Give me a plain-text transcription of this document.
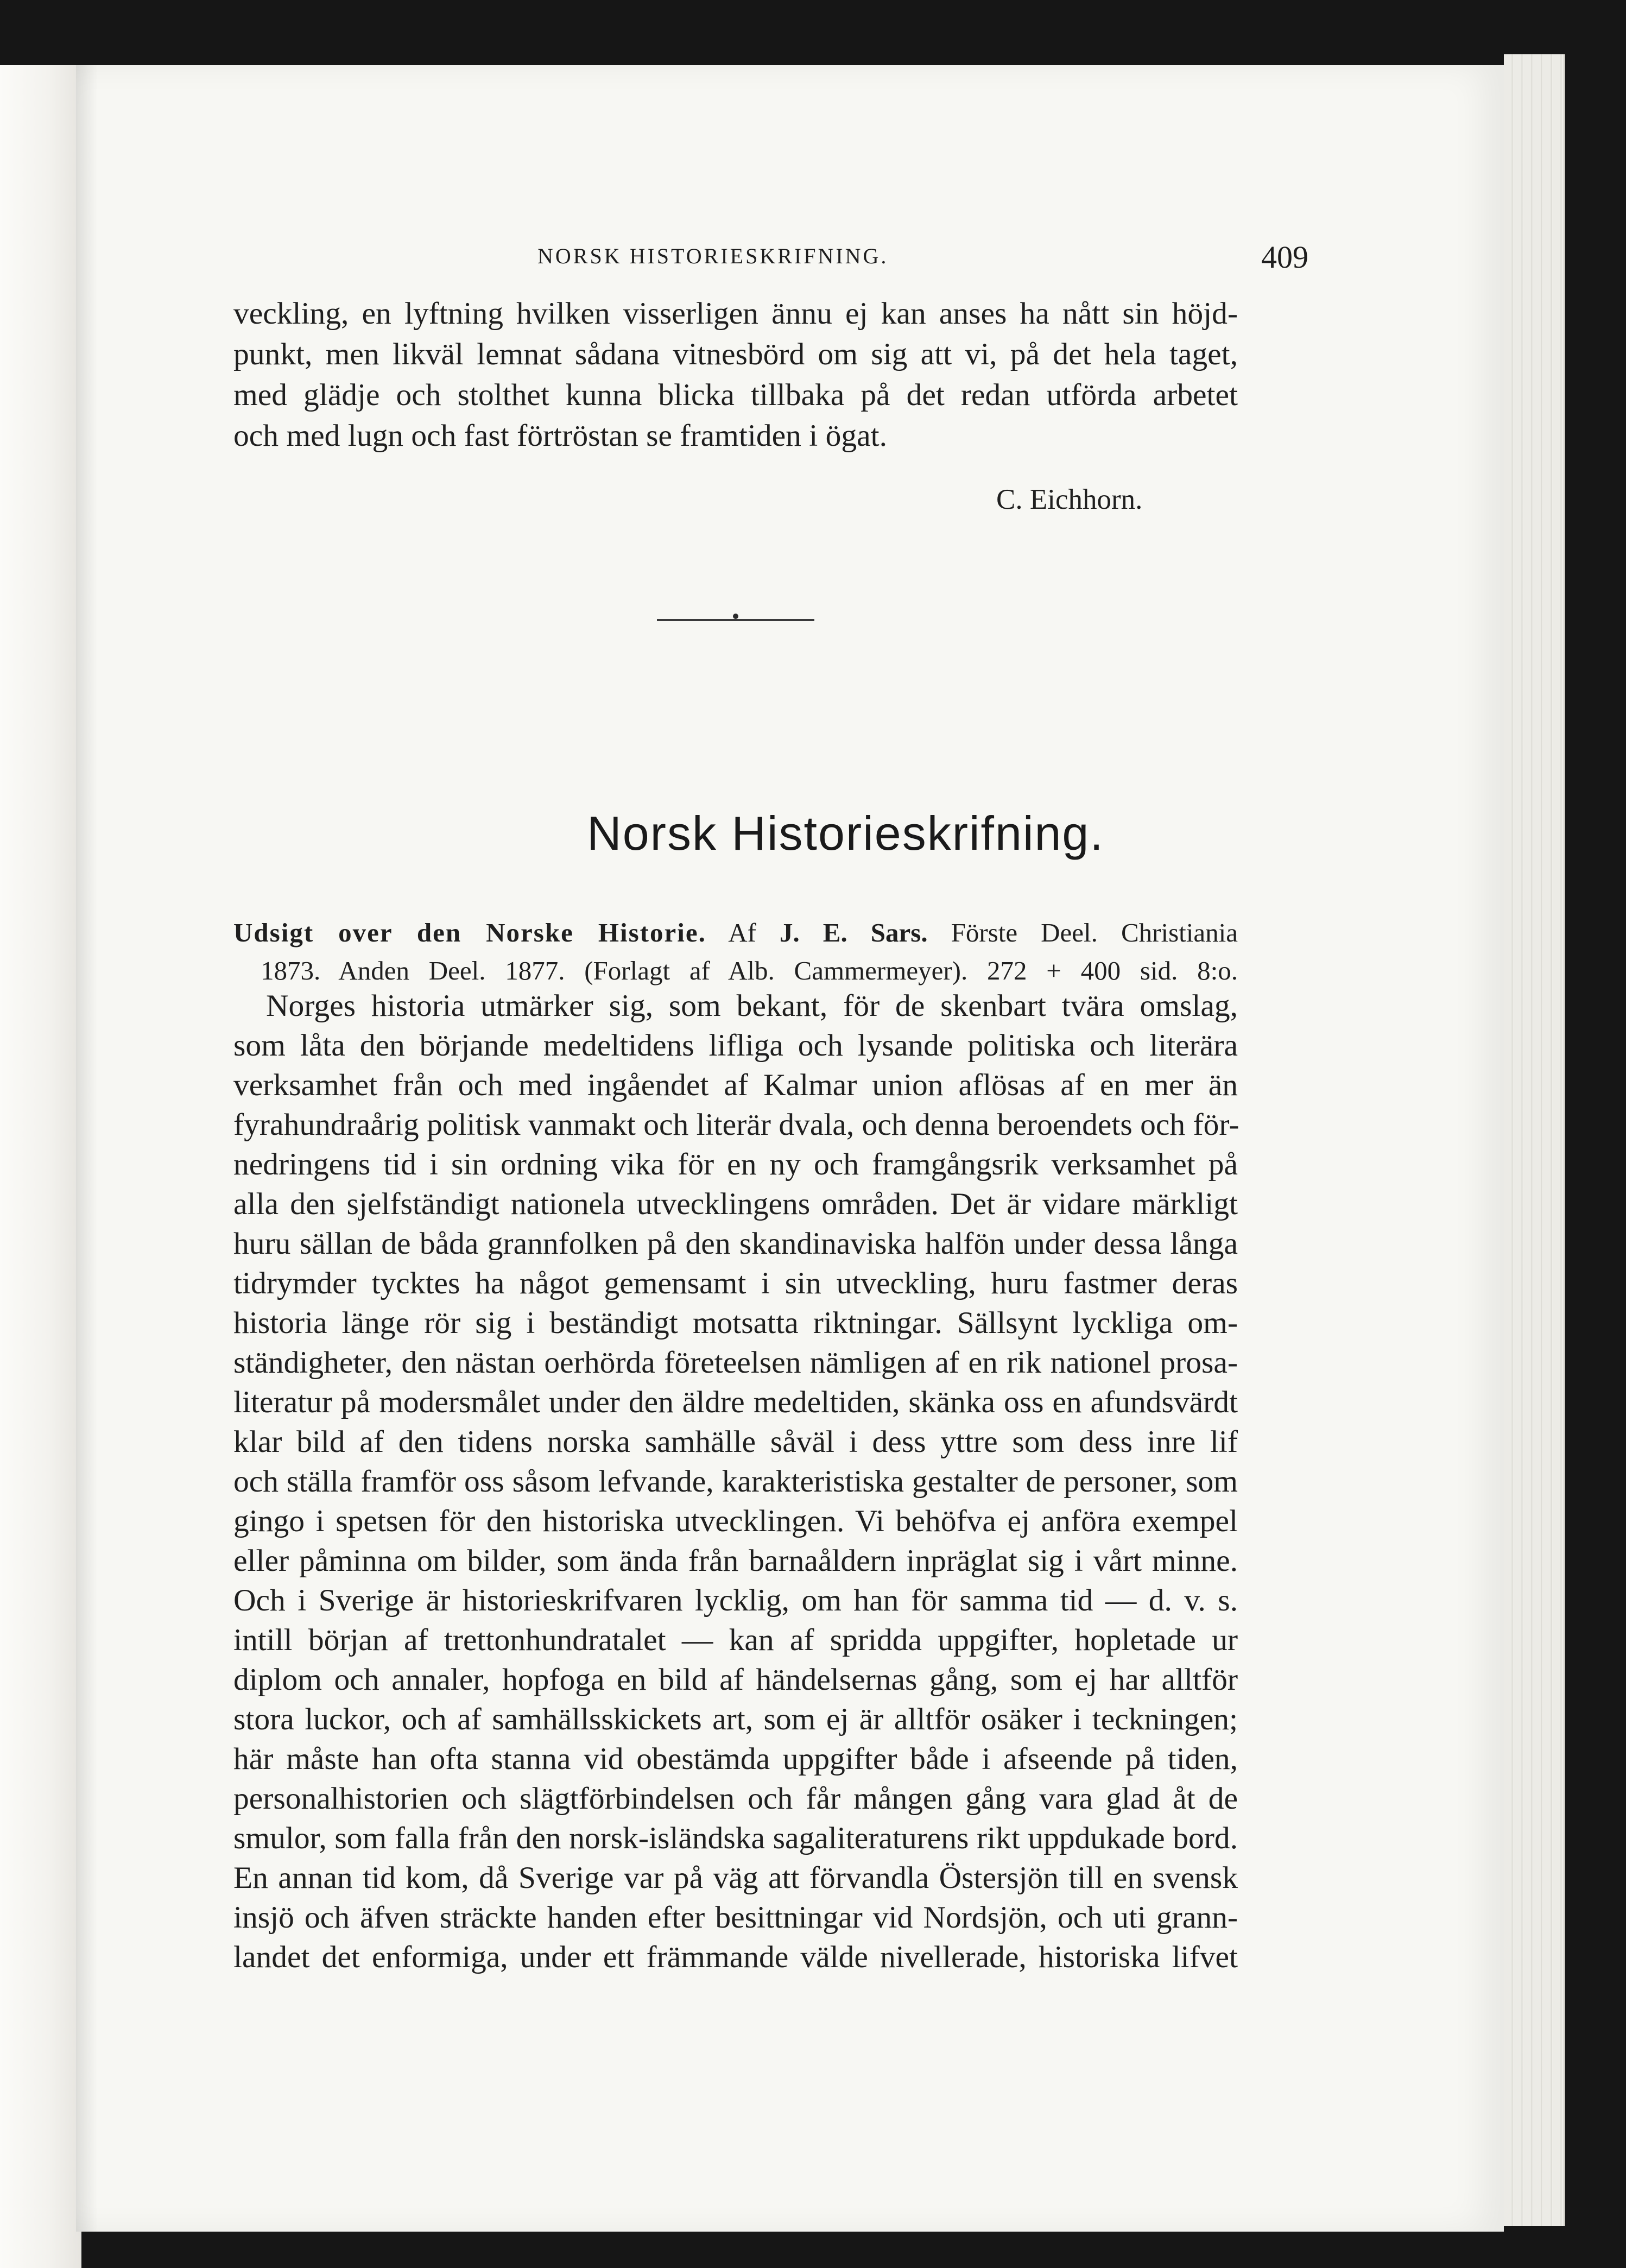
NORSK HISTORIESKRIFNING.	409
veckling, en lyftning hvilken visserligen ännu ej kan anses ha nått sin höjd-
punkt, men likväl lemnat sådana vitnesbörd om sig att vi, på det hela taget,
med glädje och stolthet kunna blicka tillbaka på det redan utförda arbetet
och med lugn och fast förtröstan se framtiden i ögat.
C. Eichhorn.
Norsk Historieskrifning.
Udsigt over den Norske Historie. Af J. E. Sars. Förste Deel. Christiania
1873. Anden Deel. 1877. (Forlagt af Alb. Cammermeyer). 272 + 400 sid. 8:o.
Norges historia utmärker sig, som bekant, för de skenbart tvära omslag,
som låta den börjande medeltidens lifliga och lysande politiska och literära
verksamhet från och med ingåendet af Kalmar union aflösas af en mer än
fyrahundraårig politisk vanmakt och literär dvala, och denna beroendets och för-
nedringens tid i sin ordning vika för en ny och framgångsrik verksamhet på
alla den sjelfständigt nationela utvecklingens områden. Det är vidare märkligt
huru sällan de båda grannfolken på den skandinaviska halfön under dessa långa
tidrymder tycktes ha något gemensamt i sin utveckling, huru fastmer deras
historia länge rör sig i beständigt motsatta riktningar. Sällsynt lyckliga om-
ständigheter, den nästan oerhörda företeelsen nämligen af en rik nationel prosa-
literatur på modersmålet under den äldre medeltiden, skänka oss en afundsvärdt
klar bild af den tidens norska samhälle såväl i dess yttre som dess inre lif
och ställa framför oss såsom lefvande, karakteristiska gestalter de personer, som
gingo i spetsen för den historiska utvecklingen. Vi behöfva ej anföra exempel
eller påminna om bilder, som ända från barnaåldern inpräglat sig i vårt minne.
Och i Sverige är historieskrifvaren lycklig, om han för samma tid — d. v. s.
intill början af trettonhundratalet — kan af spridda uppgifter, hopletade ur
diplom och annaler, hopfoga en bild af händelsernas gång, som ej har alltför
stora luckor, och af samhällsskickets art, som ej är alltför osäker i teckningen;
här måste han ofta stanna vid obestämda uppgifter både i afseende på tiden,
personalhistorien och slägtförbindelsen och får mången gång vara glad åt de
smulor, som falla från den norsk-isländska sagaliteraturens rikt uppdukade bord.
En annan tid kom, då Sverige var på väg att förvandla Östersjön till en svensk
insjö och äfven sträckte handen efter besittningar vid Nordsjön, och uti grann-
landet det enformiga, under ett främmande välde nivellerade, historiska lifvet
